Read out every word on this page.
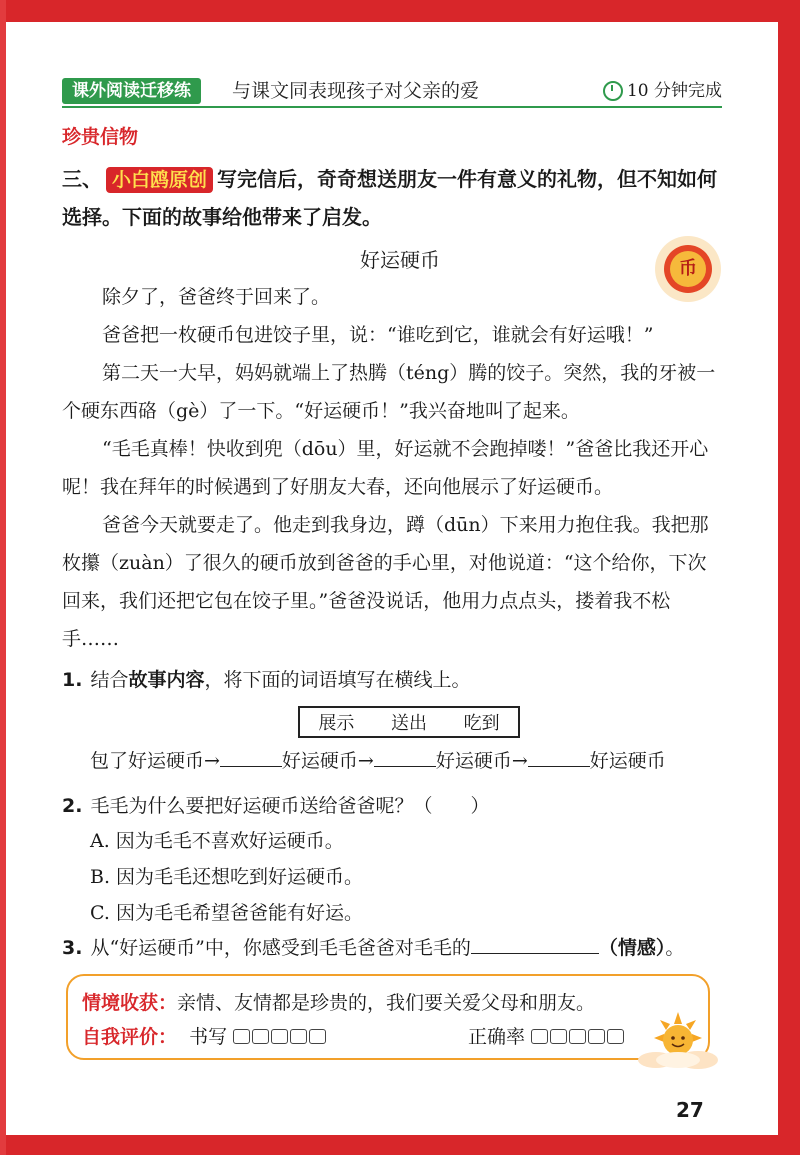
课外阅读迁移练	与课文同表现孩子对父亲的爱	10 分钟完成
珍贵信物
三、 小白鸥原创 写完信后，奇奇想送朋友一件有意义的礼物，但不知如何选择。下面的故事给他带来了启发。
好运硬币	币

除夕了，爸爸终于回来了。

爸爸把一枚硬币包进饺子里，说：“谁吃到它，谁就会有好运哦！”

第二天一大早，妈妈就端上了热腾（téng）腾的饺子。突然，我的牙被一个硬东西硌（gè）了一下。“好运硬币！”我兴奋地叫了起来。

“毛毛真棒！快收到兜（dōu）里，好运就不会跑掉喽！”爸爸比我还开心呢！我在拜年的时候遇到了好朋友大春，还向他展示了好运硬币。

爸爸今天就要走了。他走到我身边，蹲（dūn）下来用力抱住我。我把那枚攥（zuàn）了很久的硬币放到爸爸的手心里，对他说道：“这个给你，下次回来，我们还把它包在饺子里。”爸爸没说话，他用力点点头，搂着我不松手……

1. 结合故事内容，将下面的词语填写在横线上。
展示 送出 吃到
包了好运硬币→	好运硬币→	好运硬币→	好运硬币
2. 毛毛为什么要把好运硬币送给爸爸呢？（　　）
A. 因为毛毛不喜欢好运硬币。
B. 因为毛毛还想吃到好运硬币。
C. 因为毛毛希望爸爸能有好运。
3. 从“好运硬币”中，你感受到毛毛爸爸对毛毛的	（情感）。
情境收获：亲情、友情都是珍贵的，我们要关爱父母和朋友。
自我评价： 书写	正确率
27
